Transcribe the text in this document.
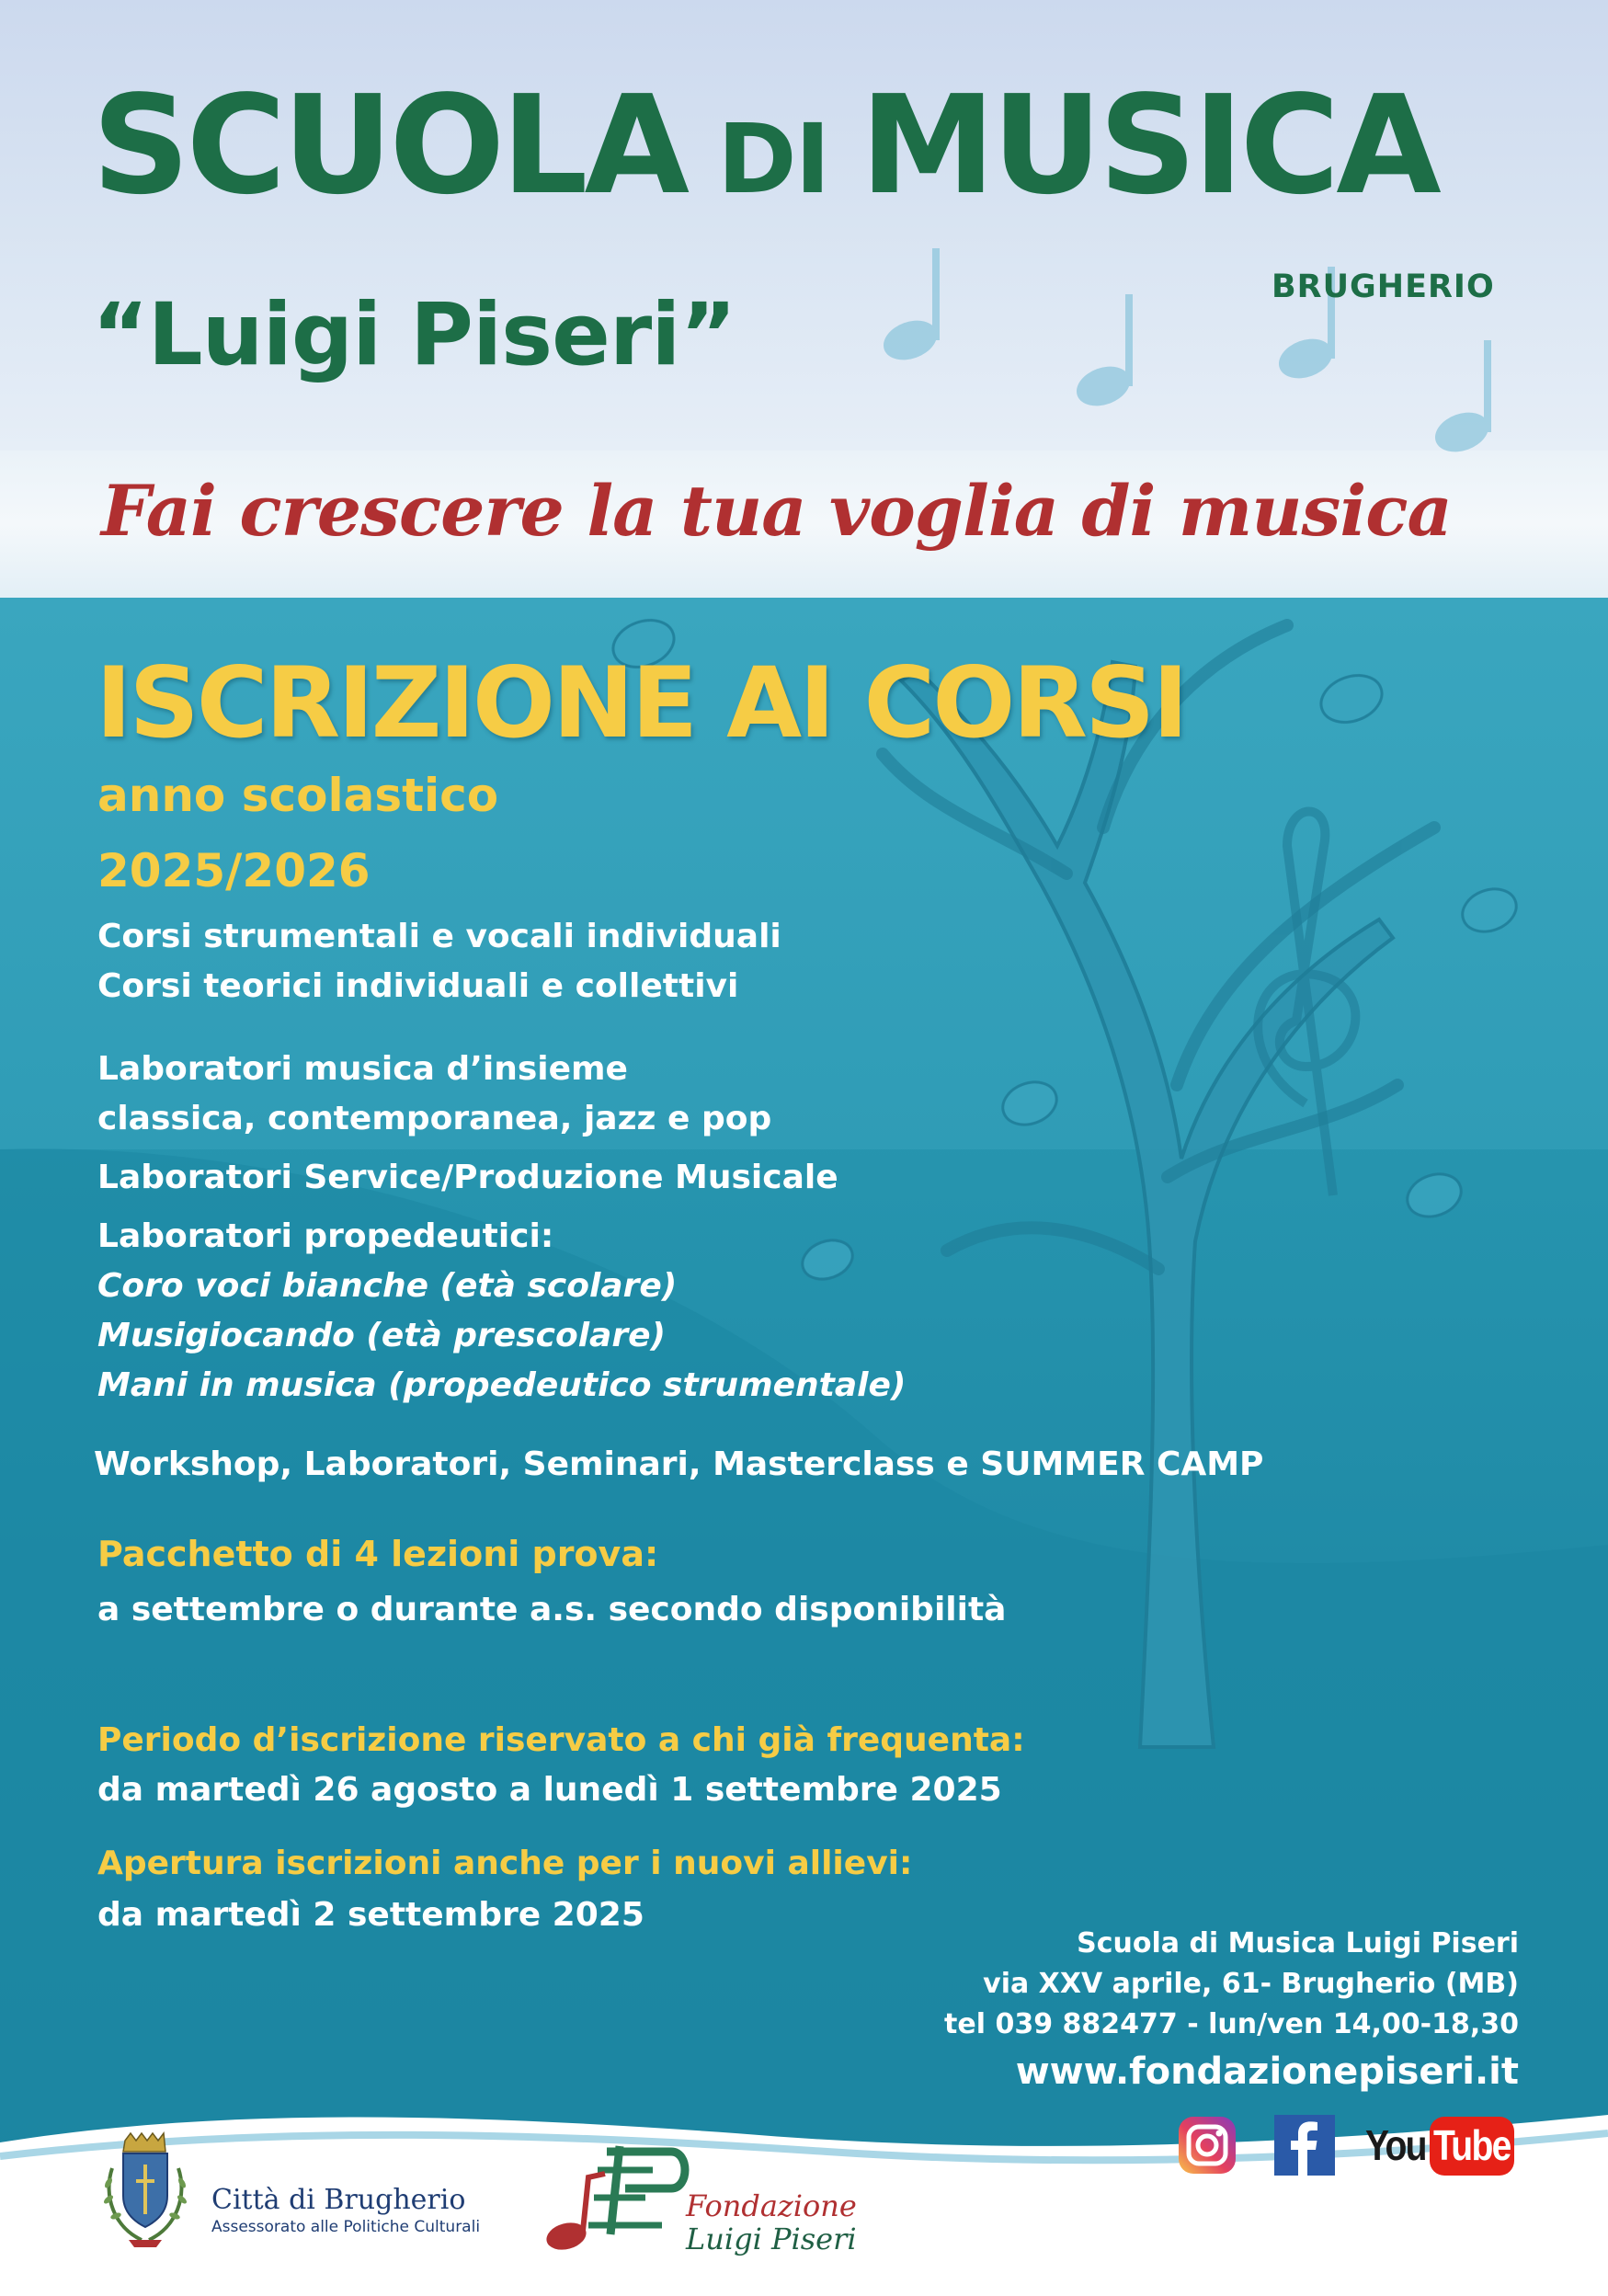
SCUOLA DI MUSICA
BRUGHERIO
“Luigi Piseri”
Fai crescere la tua voglia di musica
ISCRIZIONE AI CORSI
anno scolastico
2025/2026
Corsi strumentali e vocali individuali
Corsi teorici individuali e collettivi
Laboratori musica d’insieme
classica, contemporanea, jazz e pop
Laboratori Service/Produzione Musicale
Laboratori propedeutici:
Coro voci bianche (età scolare)
Musigiocando (età prescolare)
Mani in musica (propedeutico strumentale)
Workshop, Laboratori, Seminari, Masterclass e SUMMER CAMP
Pacchetto di 4 lezioni prova:
a settembre o durante a.s. secondo disponibilità
Periodo d’iscrizione riservato a chi già frequenta:
da martedì 26 agosto a lunedì 1 settembre 2025
Apertura iscrizioni anche per i nuovi allievi:
da martedì 2 settembre 2025
Scuola di Musica Luigi Piseri
via XXV aprile, 61- Brugherio (MB)
tel 039 882477 - lun/ven 14,00-18,30
www.fondazionepiseri.it
You Tube
Città di Brugherio
Assessorato alle Politiche Culturali
Fondazione
Luigi Piseri
